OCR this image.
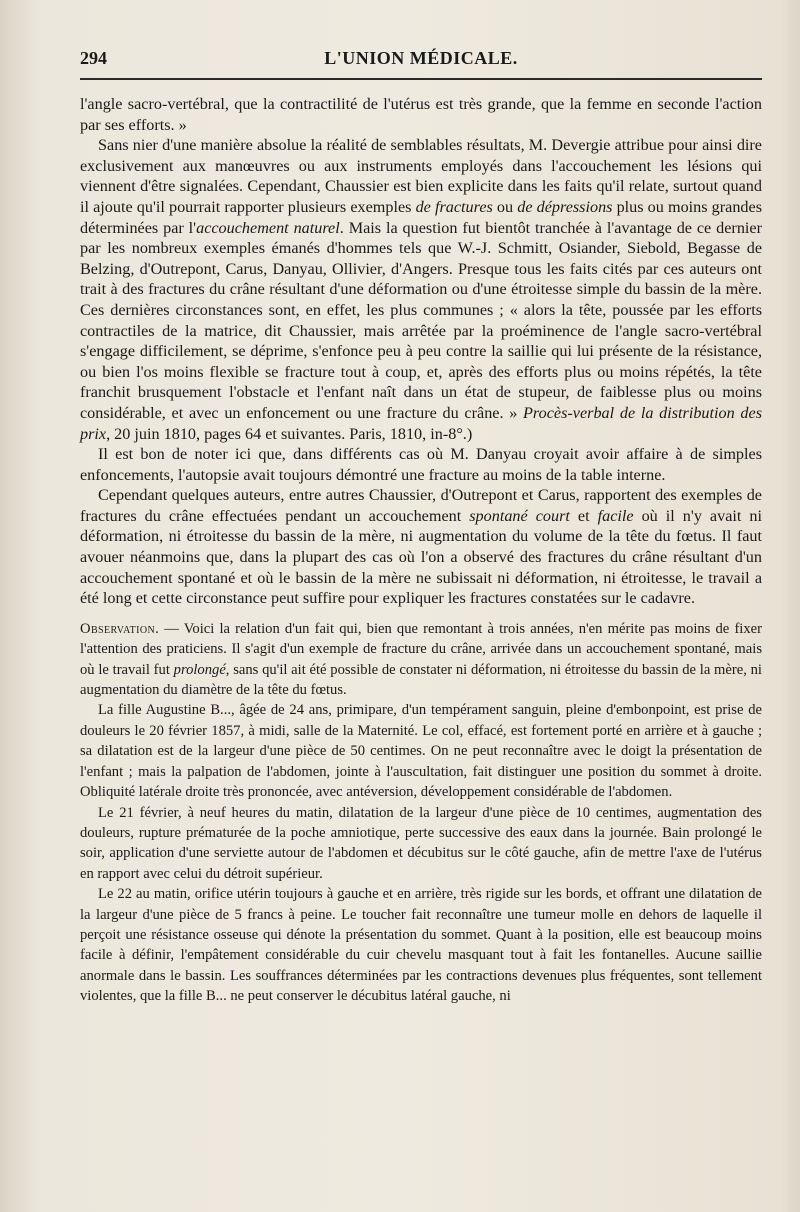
294	L'UNION MÉDICALE.

l'angle sacro-vertébral, que la contractilité de l'utérus est très grande, que la femme en seconde l'action par ses efforts. »

Sans nier d'une manière absolue la réalité de semblables résultats, M. Devergie attribue pour ainsi dire exclusivement aux manœuvres ou aux instruments employés dans l'accouchement les lésions qui viennent d'être signalées. Cependant, Chaussier est bien explicite dans les faits qu'il relate, surtout quand il ajoute qu'il pourrait rapporter plusieurs exemples de fractures ou de dépressions plus ou moins grandes déterminées par l'accouchement naturel. Mais la question fut bientôt tranchée à l'avantage de ce dernier par les nombreux exemples émanés d'hommes tels que W.-J. Schmitt, Osiander, Siebold, Begasse de Belzing, d'Outrepont, Carus, Danyau, Ollivier, d'Angers. Presque tous les faits cités par ces auteurs ont trait à des fractures du crâne résultant d'une déformation ou d'une étroitesse simple du bassin de la mère. Ces dernières circonstances sont, en effet, les plus communes ; « alors la tête, poussée par les efforts contractiles de la matrice, dit Chaussier, mais arrêtée par la proéminence de l'angle sacro-vertébral s'engage difficilement, se déprime, s'enfonce peu à peu contre la saillie qui lui présente de la résistance, ou bien l'os moins flexible se fracture tout à coup, et, après des efforts plus ou moins répétés, la tête franchit brusquement l'obstacle et l'enfant naît dans un état de stupeur, de faiblesse plus ou moins considérable, et avec un enfoncement ou une fracture du crâne. » Procès-verbal de la distribution des prix, 20 juin 1810, pages 64 et suivantes. Paris, 1810, in-8°.)

Il est bon de noter ici que, dans différents cas où M. Danyau croyait avoir affaire à de simples enfoncements, l'autopsie avait toujours démontré une fracture au moins de la table interne.

Cependant quelques auteurs, entre autres Chaussier, d'Outrepont et Carus, rapportent des exemples de fractures du crâne effectuées pendant un accouchement spontané court et facile où il n'y avait ni déformation, ni étroitesse du bassin de la mère, ni augmentation du volume de la tête du fœtus. Il faut avouer néanmoins que, dans la plupart des cas où l'on a observé des fractures du crâne résultant d'un accouchement spontané et où le bassin de la mère ne subissait ni déformation, ni étroitesse, le travail a été long et cette circonstance peut suffire pour expliquer les fractures constatées sur le cadavre.

Observation. — Voici la relation d'un fait qui, bien que remontant à trois années, n'en mérite pas moins de fixer l'attention des praticiens. Il s'agit d'un exemple de fracture du crâne, arrivée dans un accouchement spontané, mais où le travail fut prolongé, sans qu'il ait été possible de constater ni déformation, ni étroitesse du bassin de la mère, ni augmentation du diamètre de la tête du fœtus.

La fille Augustine B..., âgée de 24 ans, primipare, d'un tempérament sanguin, pleine d'embonpoint, est prise de douleurs le 20 février 1857, à midi, salle de la Maternité. Le col, effacé, est fortement porté en arrière et à gauche ; sa dilatation est de la largeur d'une pièce de 50 centimes. On ne peut reconnaître avec le doigt la présentation de l'enfant ; mais la palpation de l'abdomen, jointe à l'auscultation, fait distinguer une position du sommet à droite. Obliquité latérale droite très prononcée, avec antéversion, développement considérable de l'abdomen.

Le 21 février, à neuf heures du matin, dilatation de la largeur d'une pièce de 10 centimes, augmentation des douleurs, rupture prématurée de la poche amniotique, perte successive des eaux dans la journée. Bain prolongé le soir, application d'une serviette autour de l'abdomen et décubitus sur le côté gauche, afin de mettre l'axe de l'utérus en rapport avec celui du détroit supérieur.

Le 22 au matin, orifice utérin toujours à gauche et en arrière, très rigide sur les bords, et offrant une dilatation de la largeur d'une pièce de 5 francs à peine. Le toucher fait reconnaître une tumeur molle en dehors de laquelle il perçoit une résistance osseuse qui dénote la présentation du sommet. Quant à la position, elle est beaucoup moins facile à définir, l'empâtement considérable du cuir chevelu masquant tout à fait les fontanelles. Aucune saillie anormale dans le bassin. Les souffrances déterminées par les contractions devenues plus fréquentes, sont tellement violentes, que la fille B... ne peut conserver le décubitus latéral gauche, ni
